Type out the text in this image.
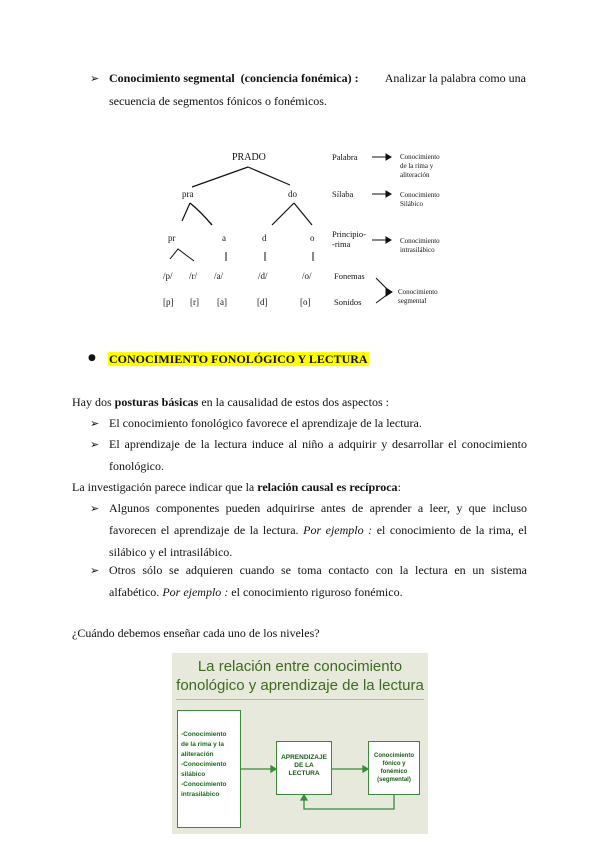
➢ Conocimiento segmental (conciencia fonémica) : Analizar la palabra como una
secuencia de segmentos fónicos o fonémicos.
PRADO
pra	do
pr	a	d	o
/p/ /r/ /a/	/d/	/o/
[p] [r] [a]	[d]	[o]
Palabra
Sílaba
Principio-
-rima
Fonemas
Sonidos
Conocimiento
de la rima y
aliteración
Conocimiento
Silábico
Conocimiento
intrasilábico
Conocimiento
segmental
● CONOCIMIENTO FONOLÓGICO Y LECTURA
Hay dos posturas básicas en la causalidad de estos dos aspectos :
➢ El conocimiento fonológico favorece el aprendizaje de la lectura.
➢ El aprendizaje de la lectura induce al niño a adquirir y desarrollar el conocimiento
fonológico.
La investigación parece indicar que la relación causal es recíproca:
➢ Algunos componentes pueden adquirirse antes de aprender a leer, y que incluso
favorecen el aprendizaje de la lectura. Por ejemplo : el conocimiento de la rima, el
silábico y el intrasilábico.
➢ Otros sólo se adquieren cuando se toma contacto con la lectura en un sistema
alfabético. Por ejemplo : el conocimiento riguroso fonémico.
¿Cuándo debemos enseñar cada uno de los niveles?
La relación entre conocimiento
fonológico y aprendizaje de la lectura
-Conocimiento
de la rima y la
aliteración
-Conocimiento
silábico
-Conocimiento
intrasilábico
APRENDIZAJE
DE LA
LECTURA
Conocimiento
fónico y
fonémico
(segmental)
